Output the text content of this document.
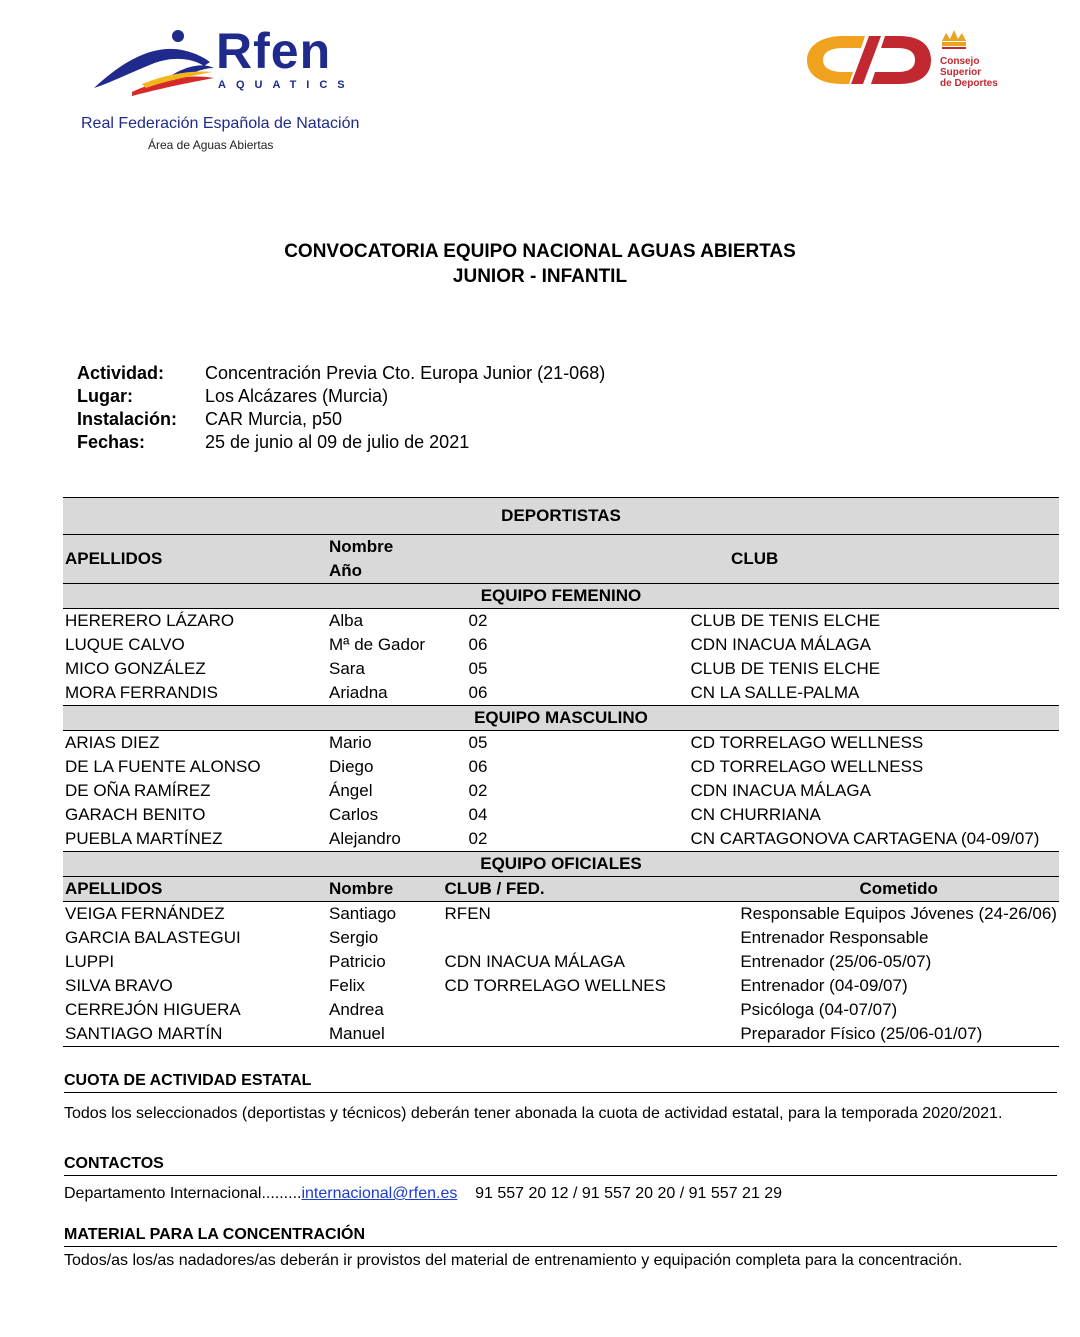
Rfen
AQUATICS
Real Federación Española de Natación
Área de Aguas Abiertas
Consejo
Superior
de Deportes
CONVOCATORIA EQUIPO NACIONAL AGUAS ABIERTAS
JUNIOR - INFANTIL
Actividad:	Concentración Previa Cto. Europa Junior (21-068)
Lugar:	Los Alcázares (Murcia)
Instalación:	CAR Murcia, p50
Fechas:	25 de junio al 09 de julio de 2021
DEPORTISTAS					
APELLIDOS	Nombre
Año		CLUB		
EQUIPO FEMENINO					
HERERERO LÁZARO	Alba	02		CLUB DE TENIS ELCHE	
LUQUE CALVO	Mª de Gador	06		CDN INACUA MÁLAGA	
MICO GONZÁLEZ	Sara	05		CLUB DE TENIS ELCHE	
MORA FERRANDIS	Ariadna	06		CN LA SALLE-PALMA	
EQUIPO MASCULINO					
ARIAS DIEZ	Mario	05		CD TORRELAGO WELLNESS	
DE LA FUENTE ALONSO	Diego	06		CD TORRELAGO WELLNESS	
DE OÑA RAMÍREZ	Ángel	02		CDN INACUA MÁLAGA	
GARACH BENITO	Carlos	04		CN CHURRIANA	
PUEBLA MARTÍNEZ	Alejandro	02		CN CARTAGONOVA CARTAGENA (04-09/07)	
EQUIPO OFICIALES					
APELLIDOS	Nombre	CLUB / FED.			Cometido
VEIGA FERNÁNDEZ	Santiago	RFEN			Responsable Equipos Jóvenes (24-26/06)
GARCIA BALASTEGUI	Sergio				Entrenador Responsable
LUPPI	Patricio	CDN INACUA MÁLAGA			Entrenador (25/06-05/07)
SILVA BRAVO	Felix	CD TORRELAGO WELLNES			Entrenador (04-09/07)
CERREJÓN HIGUERA	Andrea				Psicóloga (04-07/07)
SANTIAGO MARTÍN	Manuel				Preparador Físico (25/06-01/07)
CUOTA DE ACTIVIDAD ESTATAL
Todos los seleccionados (deportistas y técnicos) deberán tener abonada la cuota de actividad estatal, para la temporada 2020/2021.
CONTACTOS
Departamento Internacional.........internacional@rfen.es 91 557 20 12 / 91 557 20 20 / 91 557 21 29
MATERIAL PARA LA CONCENTRACIÓN
Todos/as los/as nadadores/as deberán ir provistos del material de entrenamiento y equipación completa para la concentración.
